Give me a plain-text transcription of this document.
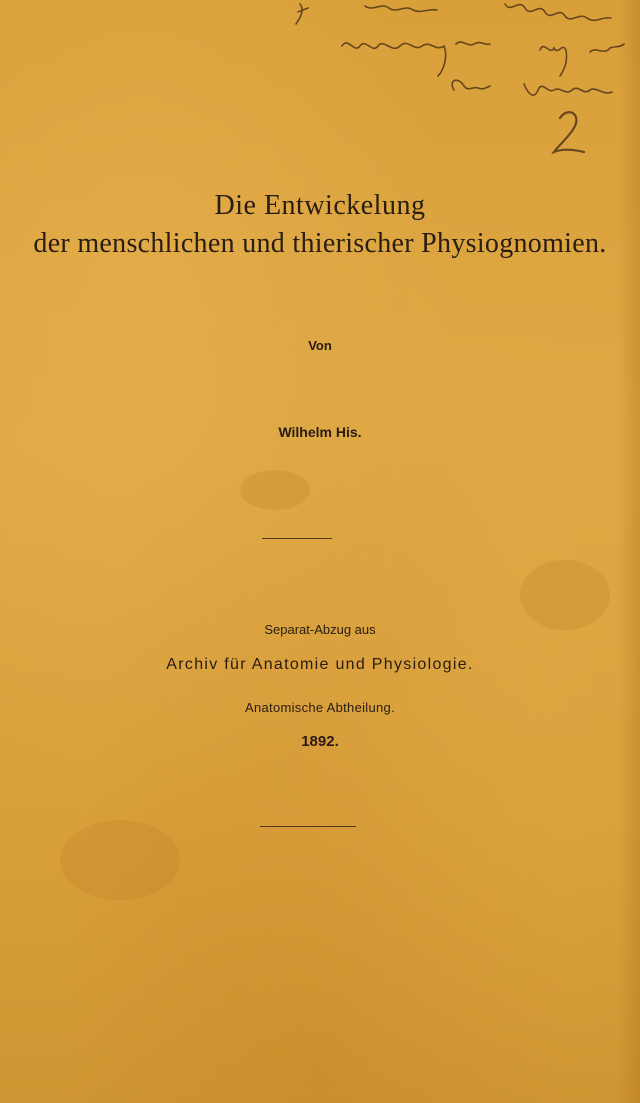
Die Entwickelung
der menschlichen und thierischer Physiognomien.
Von
Wilhelm His.
Separat-Abzug aus
Archiv für Anatomie und Physiologie.
Anatomische Abtheilung.
1892.
